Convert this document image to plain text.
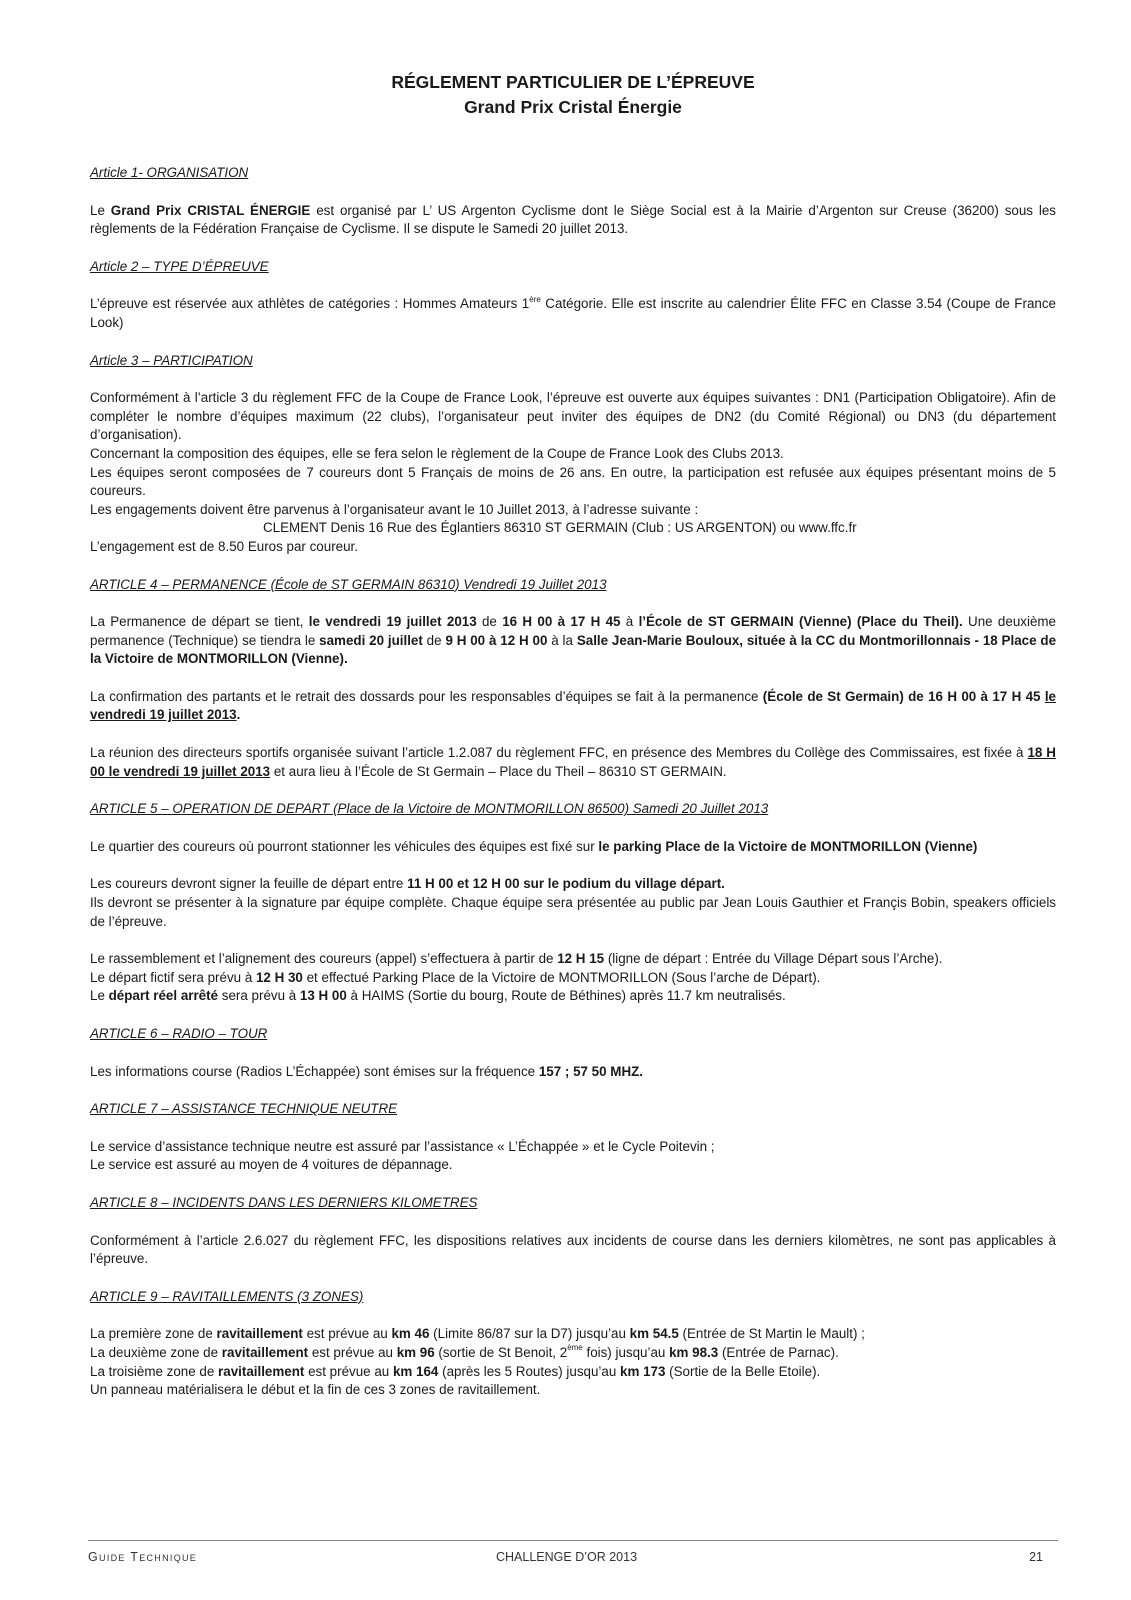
RÉGLEMENT PARTICULIER DE L’ÉPREUVE

Grand Prix Cristal Énergie

Article 1- ORGANISATION

Le Grand Prix CRISTAL ÉNERGIE est organisé par L’ US Argenton Cyclisme dont le Siège Social est à la Mairie d’Argenton sur Creuse (36200) sous les règlements de la Fédération Française de Cyclisme. Il se dispute le Samedi 20 juillet 2013.

Article 2 – TYPE D’ÉPREUVE

L’épreuve est réservée aux athlètes de catégories : Hommes Amateurs 1ère Catégorie. Elle est inscrite au calendrier Élite FFC en Classe 3.54 (Coupe de France Look)

Article 3 – PARTICIPATION

Conformément à l’article 3 du règlement FFC de la Coupe de France Look, l’épreuve est ouverte aux équipes suivantes : DN1 (Participation Obligatoire). Afin de compléter le nombre d’équipes maximum (22 clubs), l’organisateur peut inviter des équipes de DN2 (du Comité Régional) ou DN3 (du département d’organisation).

Concernant la composition des équipes, elle se fera selon le règlement de la Coupe de France Look des Clubs 2013.

Les équipes seront composées de 7 coureurs dont 5 Français de moins de 26 ans. En outre, la participation est refusée aux équipes présentant moins de 5 coureurs.

Les engagements doivent être parvenus à l’organisateur avant le 10 Juillet 2013, à l’adresse suivante :

CLEMENT Denis 16 Rue des Églantiers 86310 ST GERMAIN (Club : US ARGENTON) ou www.ffc.fr

L’engagement est de 8.50 Euros par coureur.

ARTICLE 4 – PERMANENCE (École de ST GERMAIN 86310) Vendredi 19 Juillet 2013

La Permanence de départ se tient, le vendredi 19 juillet 2013 de 16 H 00 à 17 H 45 à l’École de ST GERMAIN (Vienne) (Place du Theil). Une deuxième permanence (Technique) se tiendra le samedi 20 juillet de 9 H 00 à 12 H 00 à la Salle Jean-Marie Bouloux, située à la CC du Montmorillonnais - 18 Place de la Victoire de MONTMORILLON (Vienne).

La confirmation des partants et le retrait des dossards pour les responsables d’équipes se fait à la permanence (École de St Germain) de 16 H 00 à 17 H 45 le vendredi 19 juillet 2013.

La réunion des directeurs sportifs organisée suivant l’article 1.2.087 du règlement FFC, en présence des Membres du Collège des Commissaires, est fixée à 18 H 00 le vendredi 19 juillet 2013 et aura lieu à l’École de St Germain – Place du Theil – 86310 ST GERMAIN.

ARTICLE 5 – OPERATION DE DEPART (Place de la Victoire de MONTMORILLON 86500) Samedi 20 Juillet 2013

Le quartier des coureurs où pourront stationner les véhicules des équipes est fixé sur le parking Place de la Victoire de MONTMORILLON (Vienne)

Les coureurs devront signer la feuille de départ entre 11 H 00 et 12 H 00 sur le podium du village départ.

Ils devront se présenter à la signature par équipe complète. Chaque équipe sera présentée au public par Jean Louis Gauthier et Françis Bobin, speakers officiels de l’épreuve.

Le rassemblement et l’alignement des coureurs (appel) s’effectuera à partir de 12 H 15 (ligne de départ : Entrée du Village Départ sous l’Arche).

Le départ fictif sera prévu à 12 H 30 et effectué Parking Place de la Victoire de MONTMORILLON (Sous l’arche de Départ).

Le départ réel arrêté sera prévu à 13 H 00 à HAIMS (Sortie du bourg, Route de Béthines) après 11.7 km neutralisés.

ARTICLE 6 – RADIO – TOUR

Les informations course (Radios L’Échappée) sont émises sur la fréquence 157 ; 57 50 MHZ.

ARTICLE 7 – ASSISTANCE TECHNIQUE NEUTRE

Le service d’assistance technique neutre est assuré par l’assistance « L’Échappée » et le Cycle Poitevin ;

Le service est assuré au moyen de 4 voitures de dépannage.

ARTICLE 8 – INCIDENTS DANS LES DERNIERS KILOMETRES

Conformément à l’article 2.6.027 du règlement FFC, les dispositions relatives aux incidents de course dans les derniers kilomètres, ne sont pas applicables à l’épreuve.

ARTICLE 9 – RAVITAILLEMENTS (3 ZONES)

La première zone de ravitaillement est prévue au km 46 (Limite 86/87 sur la D7) jusqu’au km 54.5 (Entrée de St Martin le Mault) ;

La deuxième zone de ravitaillement est prévue au km 96 (sortie de St Benoit, 2ème fois) jusqu’au km 98.3 (Entrée de Parnac).

La troisième zone de ravitaillement est prévue au km 164 (après les 5 Routes) jusqu’au km 173 (Sortie de la Belle Etoile).

Un panneau matérialisera le début et la fin de ces 3 zones de ravitaillement.

Guide Technique	CHALLENGE D’OR 2013	21
